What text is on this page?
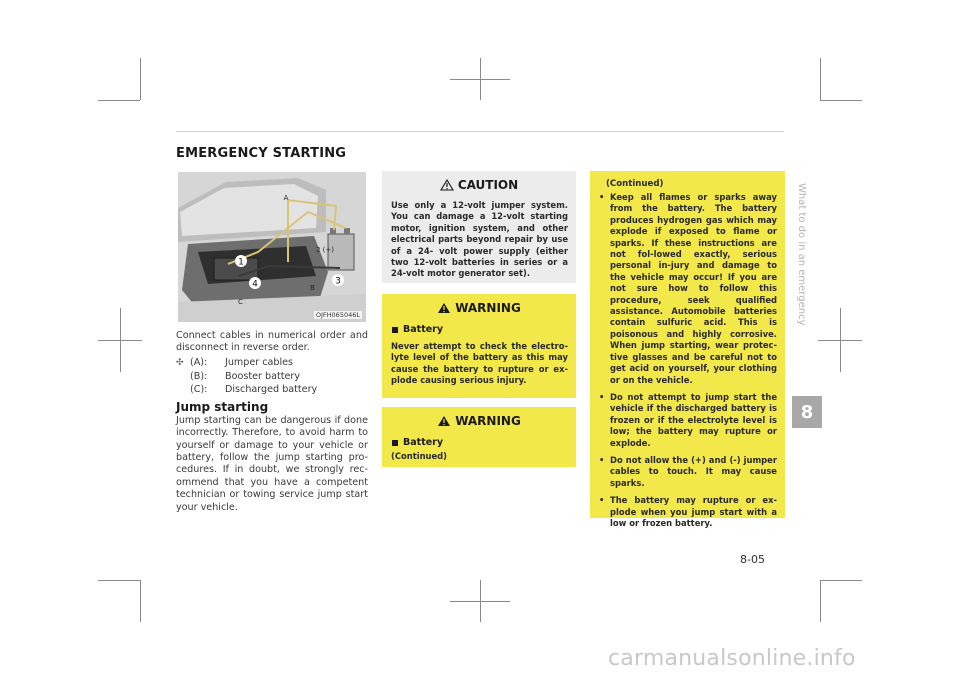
EMERGENCY STARTING
1
4	3
A
2 (+)
B
C
OJFH065046L

Connect cables in numerical order and disconnect in reverse order.

✣ (A):	Jumper cables
(B):	Booster battery
(C):	Discharged battery
Jump starting

Jump starting can be dangerous if done incorrectly. Therefore, to avoid harm to yourself or damage to your vehicle or battery, follow the jump starting pro-cedures. If in doubt, we strongly rec-ommend that you have a competent technician or towing service jump start your vehicle.

CAUTION
Use only a 12-volt jumper system. You can damage a 12-volt starting motor, ignition system, and other electrical parts beyond repair by use of a 24- volt power supply (either two 12-volt batteries in series or a 24-volt motor generator set).
WARNING
Battery
Never attempt to check the electro-lyte level of the battery as this may cause the battery to rupture or ex-plode causing serious injury.
WARNING
Battery
(Continued)
(Continued)
• Keep all flames or sparks away from the battery. The battery produces hydrogen gas which may explode if exposed to flame or sparks. If these instructions are not fol-lowed exactly, serious personal in-jury and damage to the vehicle may occur! If you are not sure how to follow this procedure, seek qualified assistance. Automobile batteries contain sulfuric acid. This is poisonous and highly corrosive. When jump starting, wear protec-tive glasses and be careful not to get acid on yourself, your clothing or on the vehicle.
• Do not attempt to jump start the vehicle if the discharged battery is frozen or if the electrolyte level is low; the battery may rupture or explode.
• Do not allow the (+) and (-) jumper cables to touch. It may cause sparks.
• The battery may rupture or ex-plode when you jump start with a low or frozen battery.
What to do in an emergency
8
8-05
carmanualsonline.info
